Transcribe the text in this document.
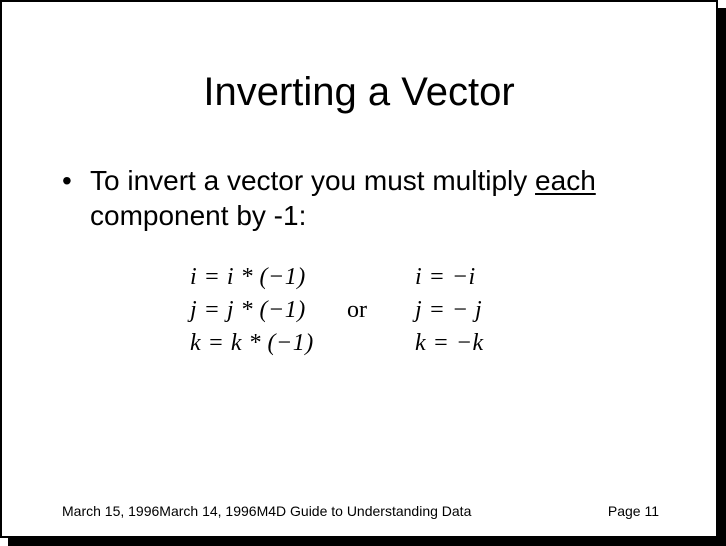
Inverting a Vector
• To invert a vector you must multiply each
component by -1:
i = i * (−1)
j = j * (−1)
k = k * (−1)
or
i = −i
j = − j
k = −k
March 15, 1996March 14, 1996M4D Guide to Understanding Data	Page 11
